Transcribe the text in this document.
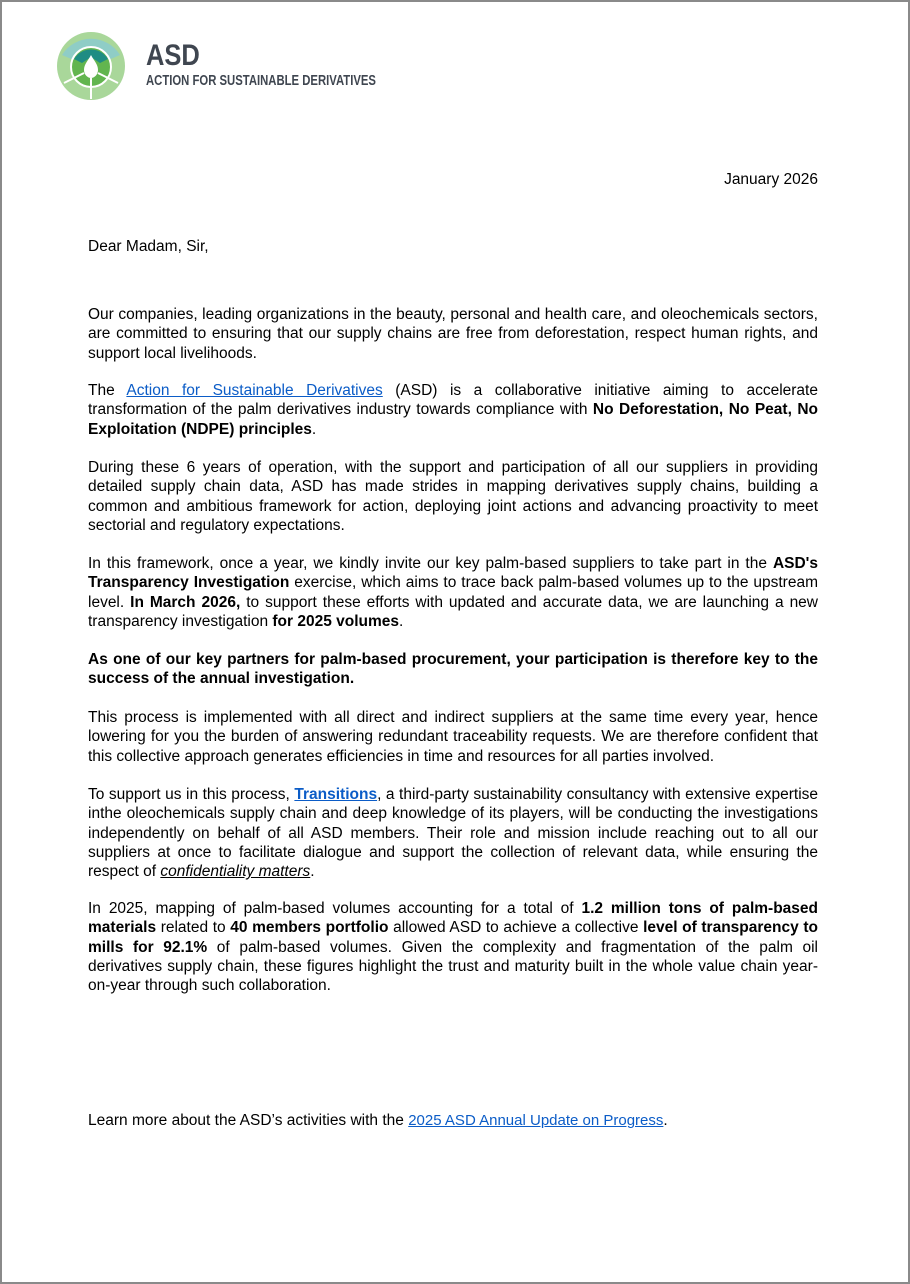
ASD
ACTION FOR SUSTAINABLE DERIVATIVES
January 2026

Dear Madam, Sir,

Our companies, leading organizations in the beauty, personal and health care, and oleochemicals sectors, are committed to ensuring that our supply chains are free from deforestation, respect human rights, and support local livelihoods.

The Action for Sustainable Derivatives (ASD) is a collaborative initiative aiming to accelerate transformation of the palm derivatives industry towards compliance with No Deforestation, No Peat, No Exploitation (NDPE) principles.

During these 6 years of operation, with the support and participation of all our suppliers in providing detailed supply chain data, ASD has made strides in mapping derivatives supply chains, building a common and ambitious framework for action, deploying joint actions and advancing proactivity to meet sectorial and regulatory expectations.

In this framework, once a year, we kindly invite our key palm-based suppliers to take part in the ASD's Transparency Investigation exercise, which aims to trace back palm-based volumes up to the upstream level. In March 2026, to support these efforts with updated and accurate data, we are launching a new transparency investigation for 2025 volumes.

As one of our key partners for palm-based procurement, your participation is therefore key to the success of the annual investigation.

This process is implemented with all direct and indirect suppliers at the same time every year, hence lowering for you the burden of answering redundant traceability requests. We are therefore confident that this collective approach generates efficiencies in time and resources for all parties involved.

To support us in this process, Transitions, a third-party sustainability consultancy with extensive expertise inthe oleochemicals supply chain and deep knowledge of its players, will be conducting the investigations independently on behalf of all ASD members. Their role and mission include reaching out to all our suppliers at once to facilitate dialogue and support the collection of relevant data, while ensuring the respect of confidentiality matters.

In 2025, mapping of palm-based volumes accounting for a total of 1.2 million tons of palm-based materials related to 40 members portfolio allowed ASD to achieve a collective level of transparency to mills for 92.1% of palm-based volumes. Given the complexity and fragmentation of the palm oil derivatives supply chain, these figures highlight the trust and maturity built in the whole value chain year-on-year through such collaboration.

Learn more about the ASD’s activities with the 2025 ASD Annual Update on Progress.
